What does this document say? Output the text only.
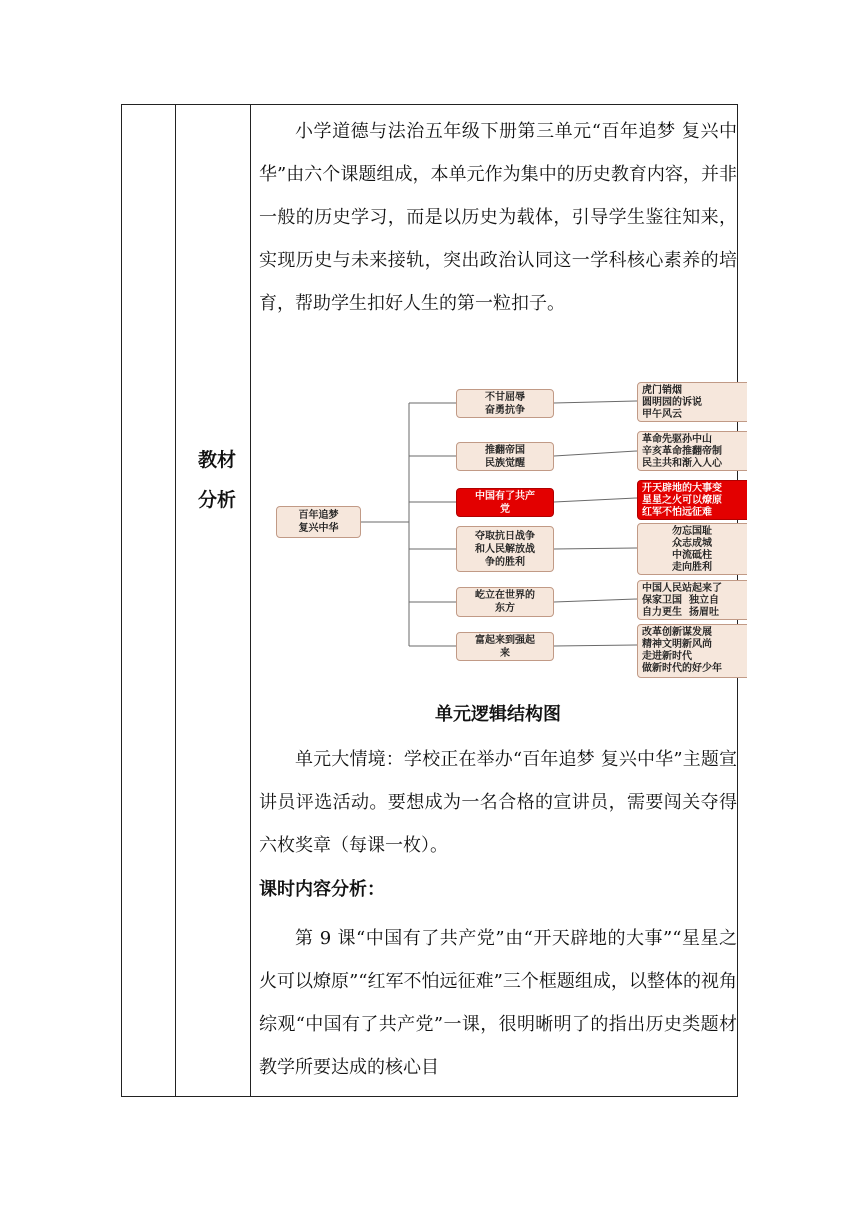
教材分析

小学道德与法治五年级下册第三单元“百年追梦 复兴中华”由六个课题组成，本单元作为集中的历史教育内容，并非一般的历史学习，而是以历史为载体，引导学生鉴往知来，实现历史与未来接轨，突出政治认同这一学科核心素养的培育，帮助学生扣好人生的第一粒扣子。

百年追梦
复兴中华
不甘屈辱
奋勇抗争
推翻帝国
民族觉醒
中国有了共产
党
夺取抗日战争
和人民解放战
争的胜利
屹立在世界的
东方
富起来到强起
来
虎门销烟
圆明园的诉说
甲午风云
革命先驱孙中山
辛亥革命推翻帝制
民主共和渐入人心
开天辟地的大事变
星星之火可以燎原
红军不怕远征难
勿忘国耻
众志成城
中流砥柱
走向胜利
中国人民站起来了
保家卫国  独立自
自力更生  扬眉吐
改革创新谋发展
精神文明新风尚
走进新时代
做新时代的好少年
单元逻辑结构图

单元大情境：学校正在举办“百年追梦 复兴中华”主题宣讲员评选活动。要想成为一名合格的宣讲员，需要闯关夺得六枚奖章（每课一枚）。

课时内容分析：

第 9 课“中国有了共产党”由“开天辟地的大事”“星星之火可以燎原”“红军不怕远征难”三个框题组成，以整体的视角综观“中国有了共产党”一课，很明晰明了的指出历史类题材教学所要达成的核心目
